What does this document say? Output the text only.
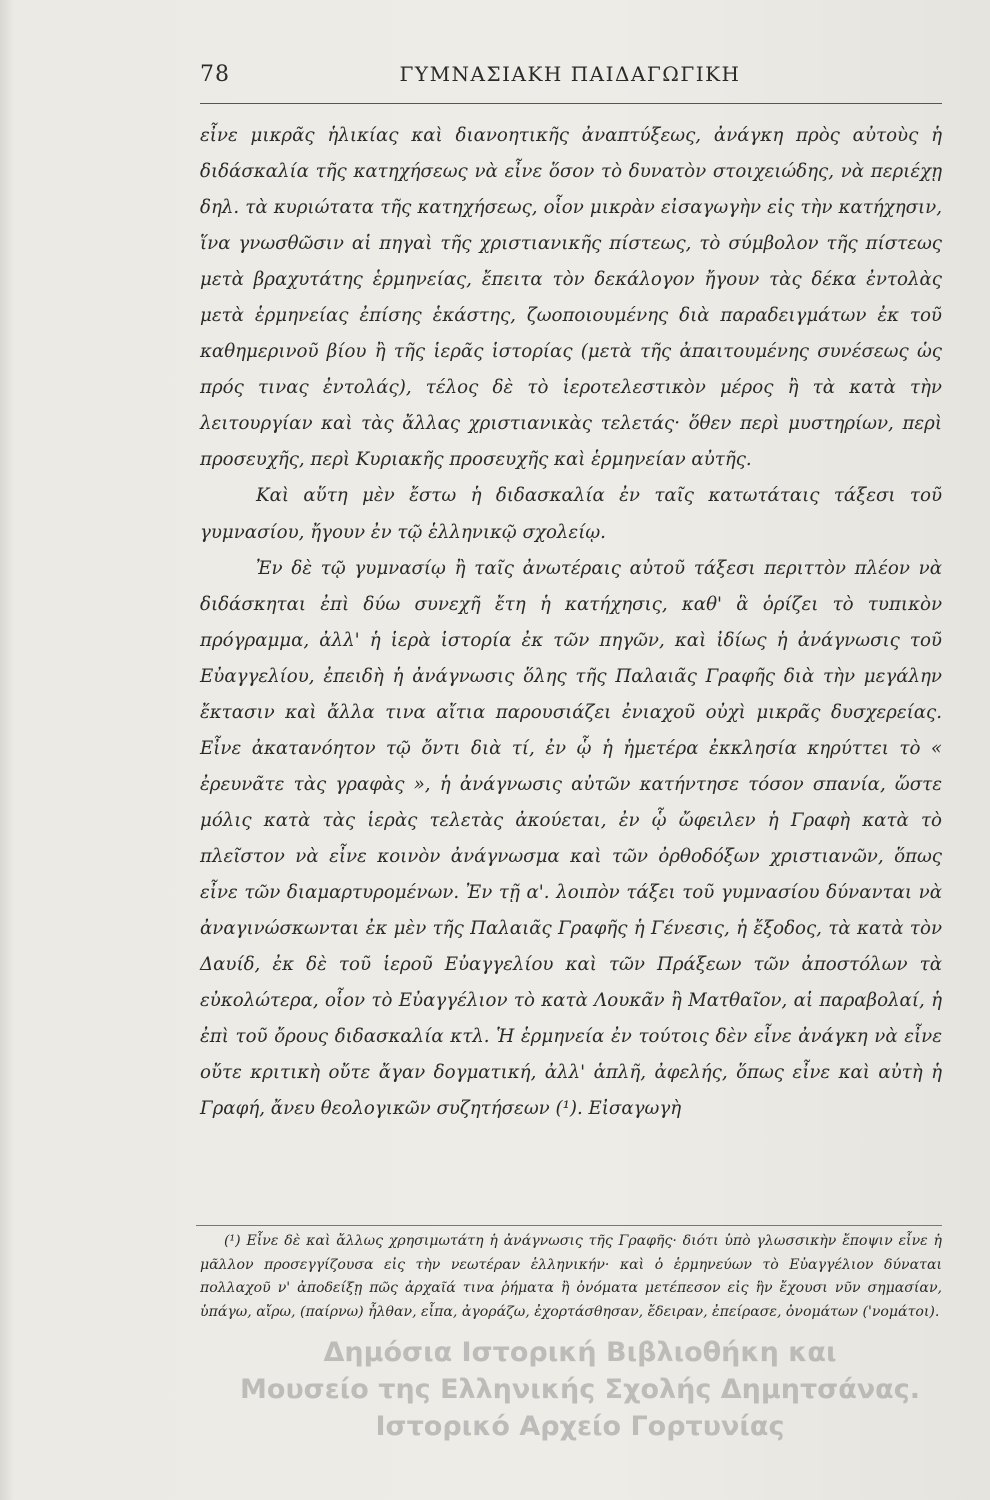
78	ΓΥΜΝΑΣΙΑΚΗ ΠΑΙΔΑΓΩΓΙΚΗ

εἶνε μικρᾶς ἡλικίας καὶ διανοητικῆς ἀναπτύξεως, ἀνάγκη πρὸς αὐτοὺς ἡ διδάσκαλία τῆς κατηχήσεως νὰ εἶνε ὅσον τὸ δυνατὸν στοιχειώδης, νὰ περιέχῃ δηλ. τὰ κυριώτατα τῆς κατηχήσεως, οἷον μικρὰν εἰσαγωγὴν εἰς τὴν κατήχησιν, ἵνα γνωσθῶσιν αἱ πηγαὶ τῆς χριστιανικῆς πίστεως, τὸ σύμβολον τῆς πίστεως μετὰ βραχυτάτης ἑρμηνείας, ἔπειτα τὸν δεκάλογον ἤγουν τὰς δέκα ἐντολὰς μετὰ ἑρμηνείας ἐπίσης ἑκάστης, ζωοποιουμένης διὰ παραδειγμάτων ἐκ τοῦ καθημερινοῦ βίου ἢ τῆς ἱερᾶς ἱστορίας (μετὰ τῆς ἀπαιτουμένης συνέσεως ὡς πρός τινας ἐντολάς), τέλος δὲ τὸ ἱεροτελεστικὸν μέρος ἢ τὰ κατὰ τὴν λειτουργίαν καὶ τὰς ἄλλας χριστιανικὰς τελετάς· ὅθεν περὶ μυστηρίων, περὶ προσευχῆς, περὶ Κυριακῆς προσευχῆς καὶ ἑρμηνείαν αὐτῆς.

Καὶ αὕτη μὲν ἔστω ἡ διδασκαλία ἐν ταῖς κατωτάταις τάξεσι τοῦ γυμνασίου, ἤγουν ἐν τῷ ἑλληνικῷ σχολείῳ.

Ἐν δὲ τῷ γυμνασίῳ ἢ ταῖς ἀνωτέραις αὐτοῦ τάξεσι περιττὸν πλέον νὰ διδάσκηται ἐπὶ δύω συνεχῆ ἔτη ἡ κατήχησις, καθ' ἃ ὁρίζει τὸ τυπικὸν πρόγραμμα, ἀλλ' ἡ ἱερὰ ἱστορία ἐκ τῶν πηγῶν, καὶ ἰδίως ἡ ἀνάγνωσις τοῦ Εὐαγγελίου, ἐπειδὴ ἡ ἀνάγνωσις ὅλης τῆς Παλαιᾶς Γραφῆς διὰ τὴν μεγάλην ἔκτασιν καὶ ἄλλα τινα αἴτια παρουσιάζει ἐνιαχοῦ οὐχὶ μικρᾶς δυσχερείας. Εἶνε ἀκατανόητον τῷ ὄντι διὰ τί, ἐν ᾧ ἡ ἡμετέρα ἐκκλησία κηρύττει τὸ « ἐρευνᾶτε τὰς γραφὰς », ἡ ἀνάγνωσις αὐτῶν κατήντησε τόσον σπανία, ὥστε μόλις κατὰ τὰς ἱερὰς τελετὰς ἀκούεται, ἐν ᾧ ὤφειλεν ἡ Γραφὴ κατὰ τὸ πλεῖστον νὰ εἶνε κοινὸν ἀνάγνωσμα καὶ τῶν ὀρθοδόξων χριστιανῶν, ὅπως εἶνε τῶν διαμαρτυρομένων. Ἐν τῇ α'. λοιπὸν τάξει τοῦ γυμνασίου δύνανται νὰ ἀναγινώσκωνται ἐκ μὲν τῆς Παλαιᾶς Γραφῆς ἡ Γένεσις, ἡ ἔξοδος, τὰ κατὰ τὸν Δαυίδ, ἐκ δὲ τοῦ ἱεροῦ Εὐαγγελίου καὶ τῶν Πράξεων τῶν ἀποστόλων τὰ εὐκολώτερα, οἷον τὸ Εὐαγγέλιον τὸ κατὰ Λουκᾶν ἢ Ματθαῖον, αἱ παραβολαί, ἡ ἐπὶ τοῦ ὄρους διδασκαλία κτλ. Ἡ ἑρμηνεία ἐν τούτοις δὲν εἶνε ἀνάγκη νὰ εἶνε οὔτε κριτικὴ οὔτε ἄγαν δογματική, ἀλλ' ἁπλῆ, ἀφελής, ὅπως εἶνε καὶ αὐτὴ ἡ Γραφή, ἄνευ θεολογικῶν συζητήσεων (¹). Εἰσαγωγὴ

(¹) Εἶνε δὲ καὶ ἄλλως χρησιμωτάτη ἡ ἀνάγνωσις τῆς Γραφῆς· διότι ὑπὸ γλωσσικὴν ἔποψιν εἶνε ἡ μᾶλλον προσεγγίζουσα εἰς τὴν νεωτέραν ἑλληνικήν· καὶ ὁ ἑρμηνεύων τὸ Εὐαγγέλιον δύναται πολλαχοῦ ν' ἀποδείξῃ πῶς ἀρχαῖά τινα ῥήματα ἢ ὀνόματα μετέπεσον εἰς ἣν ἔχουσι νῦν σημασίαν, ὑπάγω, αἴρω, (παίρνω) ἦλθαν, εἶπα, ἀγοράζω, ἐχορτάσθησαν, ἔδειραν, ἐπείρασε, ὀνομάτων ('νομάτοι).

Δημόσια Ιστορική Βιβλιοθήκη και
Μουσείο της Ελληνικής Σχολής Δημητσάνας.
Ιστορικό Αρχείο Γορτυνίας
